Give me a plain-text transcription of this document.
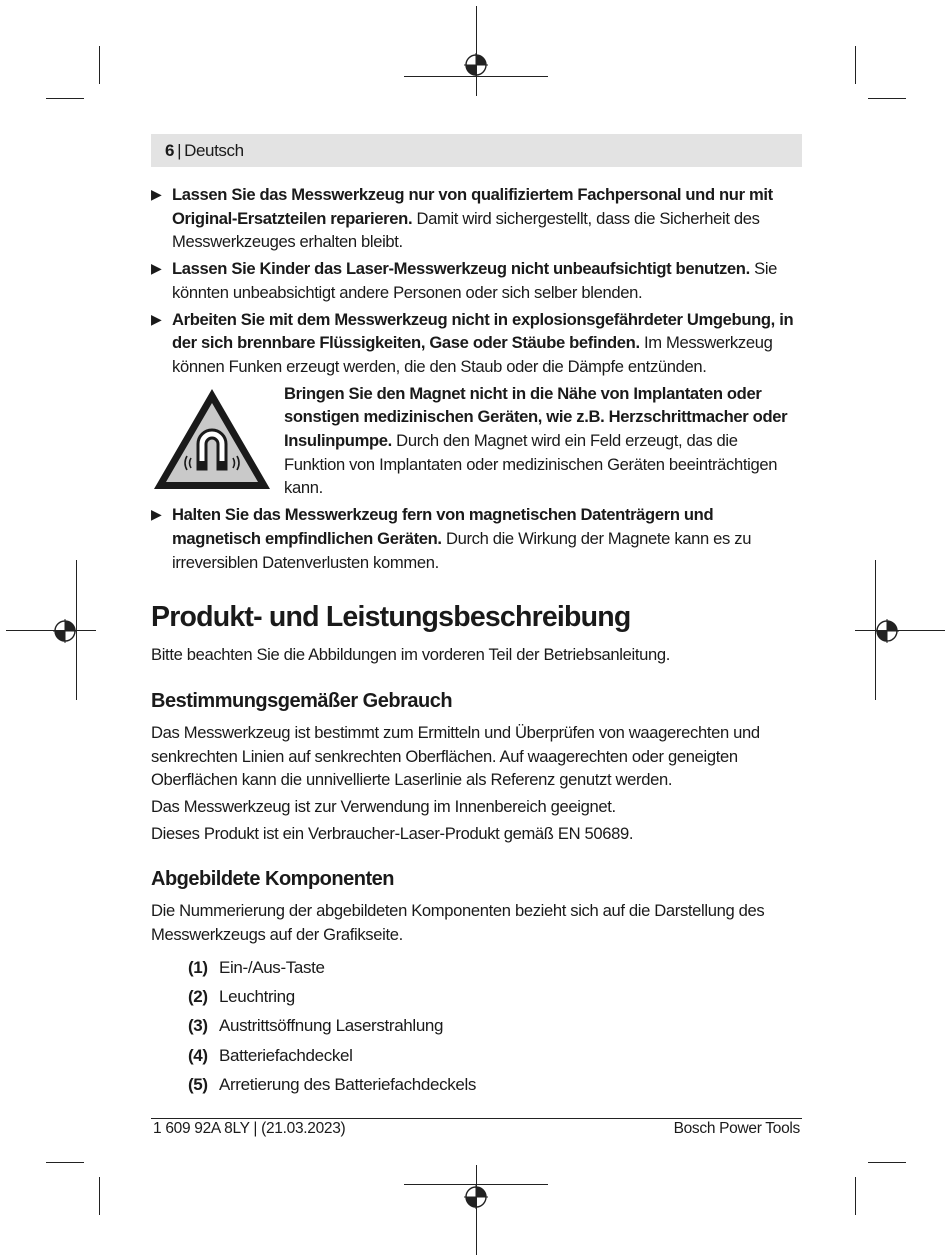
6 | Deutsch
▶ Lassen Sie das Messwerkzeug nur von qualifiziertem Fachpersonal und nur mit Original-Ersatzteilen reparieren. Damit wird sichergestellt, dass die Sicherheit des Messwerkzeuges erhalten bleibt.
▶ Lassen Sie Kinder das Laser-Messwerkzeug nicht unbeaufsichtigt benutzen. Sie könnten unbeabsichtigt andere Personen oder sich selber blenden.
▶ Arbeiten Sie mit dem Messwerkzeug nicht in explosionsgefährdeter Umgebung, in der sich brennbare Flüssigkeiten, Gase oder Stäube befinden. Im Messwerkzeug können Funken erzeugt werden, die den Staub oder die Dämpfe entzünden.
Bringen Sie den Magnet nicht in die Nähe von Implantaten oder sonstigen medizinischen Geräten, wie z.B. Herzschrittmacher oder Insulinpumpe. Durch den Magnet wird ein Feld erzeugt, das die Funktion von Implantaten oder medizinischen Geräten beeinträchtigen kann.
▶ Halten Sie das Messwerkzeug fern von magnetischen Datenträgern und magnetisch empfindlichen Geräten. Durch die Wirkung der Magnete kann es zu irreversiblen Datenverlusten kommen.
Produkt- und Leistungsbeschreibung

Bitte beachten Sie die Abbildungen im vorderen Teil der Betriebsanleitung.

Bestimmungsgemäßer Gebrauch

Das Messwerkzeug ist bestimmt zum Ermitteln und Überprüfen von waagerechten und senkrechten Linien auf senkrechten Oberflächen. Auf waagerechten oder geneigten Oberflächen kann die unnivellierte Laserlinie als Referenz genutzt werden.

Das Messwerkzeug ist zur Verwendung im Innenbereich geeignet.

Dieses Produkt ist ein Verbraucher-Laser-Produkt gemäß EN 50689.

Abgebildete Komponenten

Die Nummerierung der abgebildeten Komponenten bezieht sich auf die Darstellung des Messwerkzeugs auf der Grafikseite.

(1) Ein-/Aus-Taste
(2) Leuchtring
(3) Austrittsöffnung Laserstrahlung
(4) Batteriefachdeckel
(5) Arretierung des Batteriefachdeckels
1 609 92A 8LY | (21.03.2023)	Bosch Power Tools
